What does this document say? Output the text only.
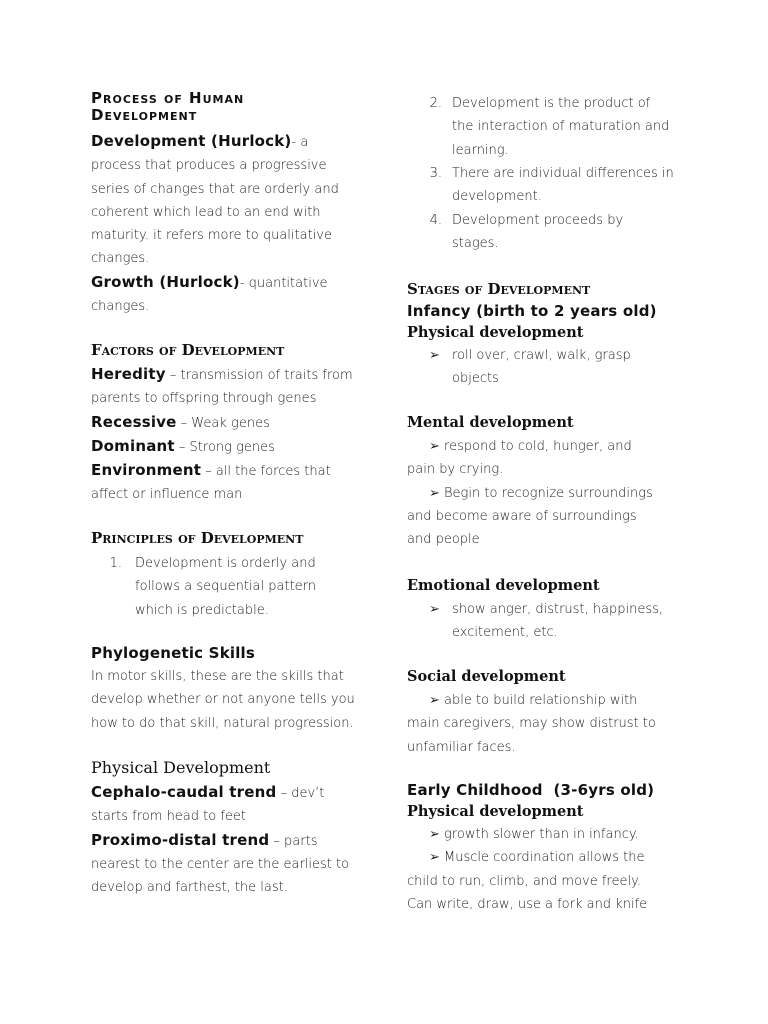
Process of Human Development
Development (Hurlock)- a
process that produces a progressive
series of changes that are orderly and
coherent which lead to an end with
maturity. it refers more to qualitative
changes.
Growth (Hurlock)- quantitative
changes.
Factors of Development
Heredity – transmission of traits from
parents to offspring through genes
Recessive – Weak genes
Dominant – Strong genes
Environment – all the forces that
affect or influence man
Principles of Development
1. Development is orderly and
follows a sequential pattern
which is predictable.
Phylogenetic Skills
In motor skills, these are the skills that
develop whether or not anyone tells you
how to do that skill, natural progression.
Physical Development
Cephalo-caudal trend – dev’t
starts from head to feet
Proximo-distal trend – parts
nearest to the center are the earliest to
develop and farthest, the last.
2. Development is the product of
the interaction of maturation and
learning.
3. There are individual differences in
development.
4. Development proceeds by
stages.
Stages of Development
Infancy (birth to 2 years old)
Physical development
➢ roll over, crawl, walk, grasp
objects
Mental development
➢ respond to cold, hunger, and
pain by crying.
➢ Begin to recognize surroundings
and become aware of surroundings
and people
Emotional development
➢ show anger, distrust, happiness,
excitement, etc.
Social development
➢ able to build relationship with
main caregivers, may show distrust to
unfamiliar faces.
Early Childhood  (3-6yrs old)
Physical development
➢ growth slower than in infancy.
➢ Muscle coordination allows the
child to run, climb, and move freely.
Can write, draw, use a fork and knife
